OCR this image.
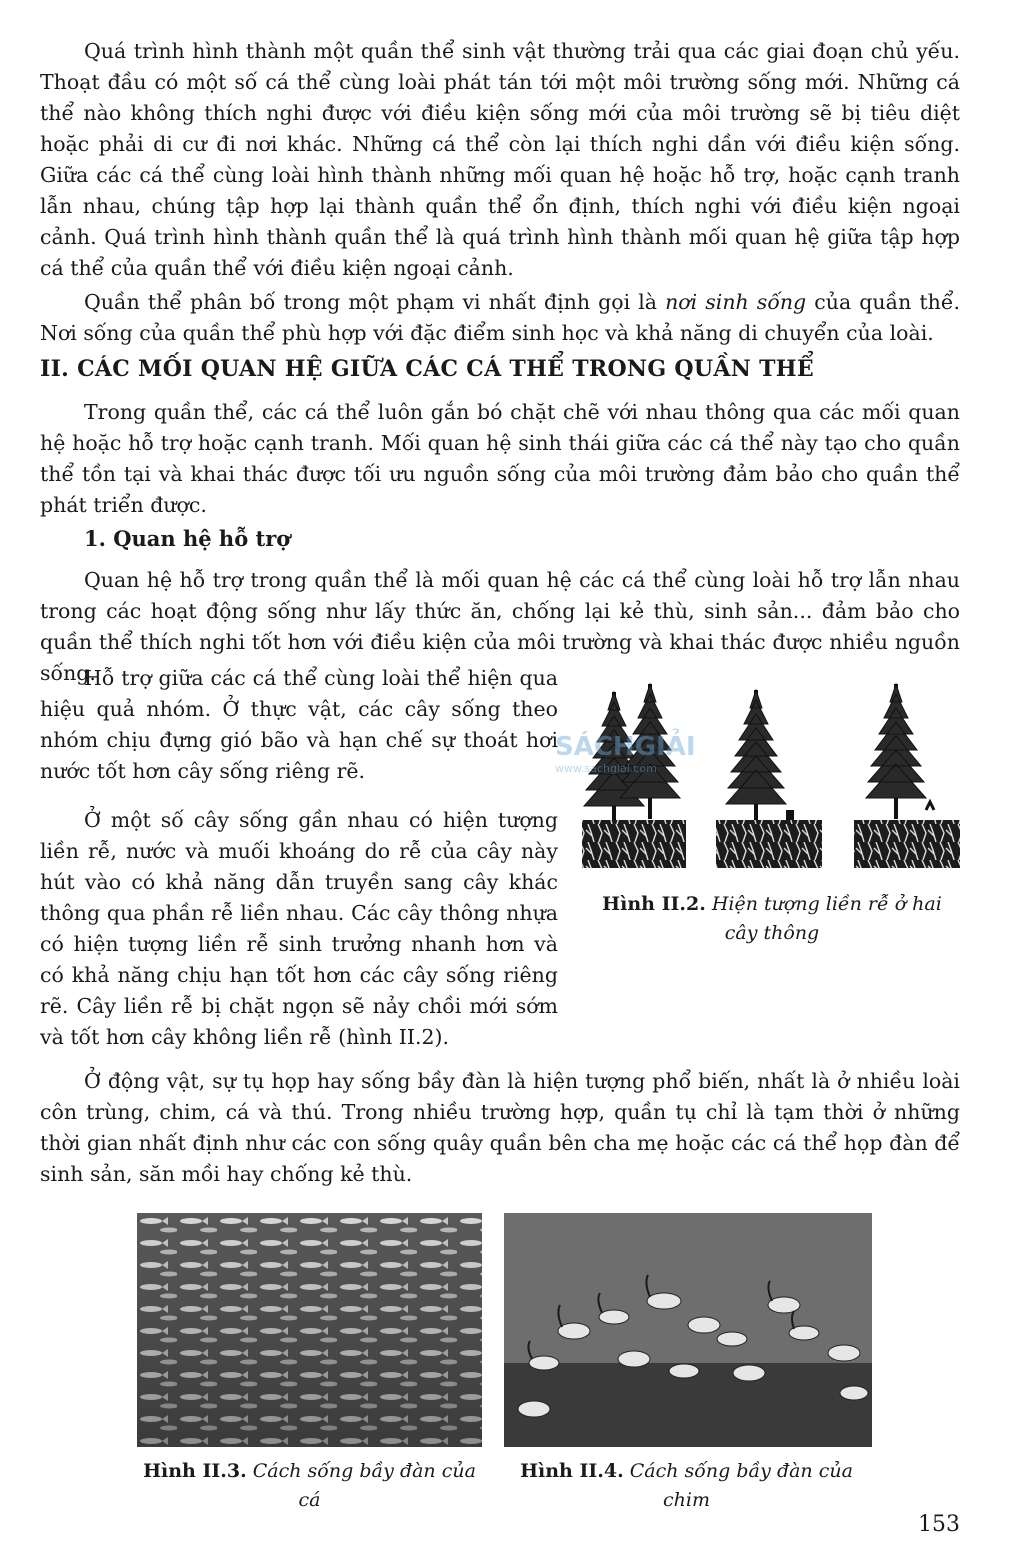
Quá trình hình thành một quần thể sinh vật thường trải qua các giai đoạn chủ yếu. Thoạt đầu có một số cá thể cùng loài phát tán tới một môi trường sống mới. Những cá thể nào không thích nghi được với điều kiện sống mới của môi trường sẽ bị tiêu diệt hoặc phải di cư đi nơi khác. Những cá thể còn lại thích nghi dần với điều kiện sống. Giữa các cá thể cùng loài hình thành những mối quan hệ hoặc hỗ trợ, hoặc cạnh tranh lẫn nhau, chúng tập hợp lại thành quần thể ổn định, thích nghi với điều kiện ngoại cảnh. Quá trình hình thành quần thể là quá trình hình thành mối quan hệ giữa tập hợp cá thể của quần thể với điều kiện ngoại cảnh.

Quần thể phân bố trong một phạm vi nhất định gọi là nơi sinh sống của quần thể. Nơi sống của quần thể phù hợp với đặc điểm sinh học và khả năng di chuyển của loài.

II. CÁC MỐI QUAN HỆ GIỮA CÁC CÁ THỂ TRONG QUẦN THỂ

Trong quần thể, các cá thể luôn gắn bó chặt chẽ với nhau thông qua các mối quan hệ hoặc hỗ trợ hoặc cạnh tranh. Mối quan hệ sinh thái giữa các cá thể này tạo cho quần thể tồn tại và khai thác được tối ưu nguồn sống của môi trường đảm bảo cho quần thể phát triển được.

1. Quan hệ hỗ trợ

Quan hệ hỗ trợ trong quần thể là mối quan hệ các cá thể cùng loài hỗ trợ lẫn nhau trong các hoạt động sống như lấy thức ăn, chống lại kẻ thù, sinh sản... đảm bảo cho quần thể thích nghi tốt hơn với điều kiện của môi trường và khai thác được nhiều nguồn sống.

Hỗ trợ giữa các cá thể cùng loài thể hiện qua hiệu quả nhóm. Ở thực vật, các cây sống theo nhóm chịu đựng gió bão và hạn chế sự thoát hơi nước tốt hơn cây sống riêng rẽ.

Ở một số cây sống gần nhau có hiện tượng liền rễ, nước và muối khoáng do rễ của cây này hút vào có khả năng dẫn truyền sang cây khác thông qua phần rễ liền nhau. Các cây thông nhựa có hiện tượng liền rễ sinh trưởng nhanh hơn và có khả năng chịu hạn tốt hơn các cây sống riêng rẽ. Cây liền rễ bị chặt ngọn sẽ nảy chồi mới sớm và tốt hơn cây không liền rễ (hình II.2).

Hình II.2. Hiện tượng liền rễ ở hai cây thông
SÁCHGIẢI
www.sachgiai.com

Ở động vật, sự tụ họp hay sống bầy đàn là hiện tượng phổ biến, nhất là ở nhiều loài côn trùng, chim, cá và thú. Trong nhiều trường hợp, quần tụ chỉ là tạm thời ở những thời gian nhất định như các con sống quây quần bên cha mẹ hoặc các cá thể họp đàn để sinh sản, săn mồi hay chống kẻ thù.

Hình II.3. Cách sống bầy đàn của cá
Hình II.4. Cách sống bầy đàn của chim
153
